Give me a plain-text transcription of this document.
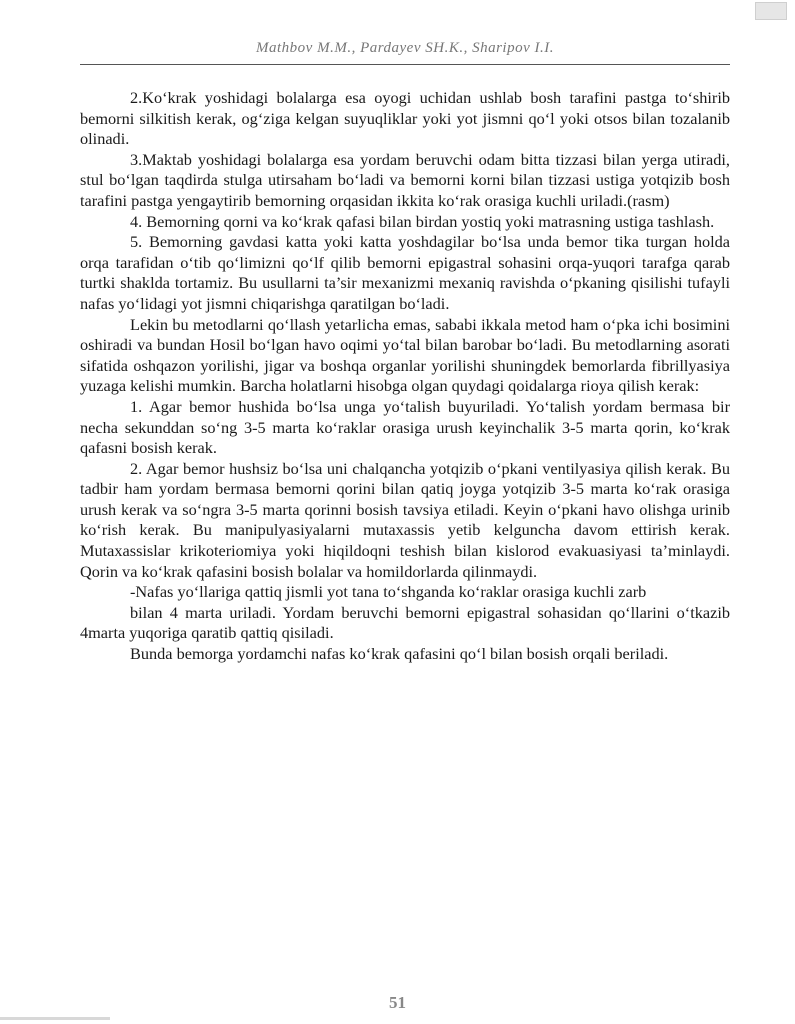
Mathbov M.M., Pardayev SH.K., Sharipov I.I.

2.Ko‘krak yoshidagi bolalarga esa oyogi uchidan ushlab bosh tarafini pastga to‘shirib bemorni silkitish kerak, og‘ziga kelgan suyuqliklar yoki yot jismni qo‘l yoki otsos bilan tozalanib olinadi.

3.Maktab yoshidagi bolalarga esa yordam beruvchi odam bitta tizzasi bilan yerga utiradi, stul bo‘lgan taqdirda stulga utirsaham bo‘ladi va bemorni korni bilan tizzasi ustiga yotqizib bosh tarafini pastga yengaytirib bemorning orqasidan ikkita ko‘rak orasiga kuchli uriladi.(rasm)

4. Bemorning qorni va ko‘krak qafasi bilan birdan yostiq yoki matrasning ustiga tashlash.

5. Bemorning gavdasi katta yoki katta yoshdagilar bo‘lsa unda bemor tika turgan holda orqa tarafidan o‘tib qo‘limizni qo‘lf qilib bemorni epigastral sohasini orqa-yuqori tarafga qarab turtki shaklda tortamiz. Bu usullarni ta’sir mexanizmi mexaniq ravishda o‘pkaning qisilishi tufayli nafas yo‘lidagi yot jismni chiqarishga qaratilgan bo‘ladi.

Lekin bu metodlarni qo‘llash yetarlicha emas, sababi ikkala metod ham o‘pka ichi bosimini oshiradi va bundan Hosil bo‘lgan havo oqimi yo‘tal bilan barobar bo‘ladi. Bu metodlarning asorati sifatida oshqazon yorilishi, jigar va boshqa organlar yorilishi shuningdek bemorlarda fibrillyasiya yuzaga kelishi mumkin. Barcha holatlarni hisobga olgan quydagi qoidalarga rioya qilish kerak:

1. Agar bemor hushida bo‘lsa unga yo‘talish buyuriladi. Yo‘talish yordam bermasa bir necha sekunddan so‘ng 3-5 marta ko‘raklar orasiga urush keyinchalik 3-5 marta qorin, ko‘krak qafasni bosish kerak.

2. Agar bemor hushsiz bo‘lsa uni chalqancha yotqizib o‘pkani ventilyasiya qilish kerak. Bu tadbir ham yordam bermasa bemorni qorini bilan qatiq joyga yotqizib 3-5 marta ko‘rak orasiga urush kerak va so‘ngra 3-5 marta qorinni bosish tavsiya etiladi. Keyin o‘pkani havo olishga urinib ko‘rish kerak. Bu manipulyasiyalarni mutaxassis yetib kelguncha davom ettirish kerak. Mutaxassislar krikoteriomiya yoki hiqildoqni teshish bilan kislorod evakuasiyasi ta’minlaydi. Qorin va ko‘krak qafasini bosish bolalar va homildorlarda qilinmaydi.

-Nafas yo‘llariga qattiq jismli yot tana to‘shganda ko‘raklar orasiga kuchli zarb

bilan 4 marta uriladi. Yordam beruvchi bemorni epigastral sohasidan qo‘llarini o‘tkazib 4marta yuqoriga qaratib qattiq qisiladi.

Bunda bemorga yordamchi nafas ko‘krak qafasini qo‘l bilan bosish orqali beriladi.

51
